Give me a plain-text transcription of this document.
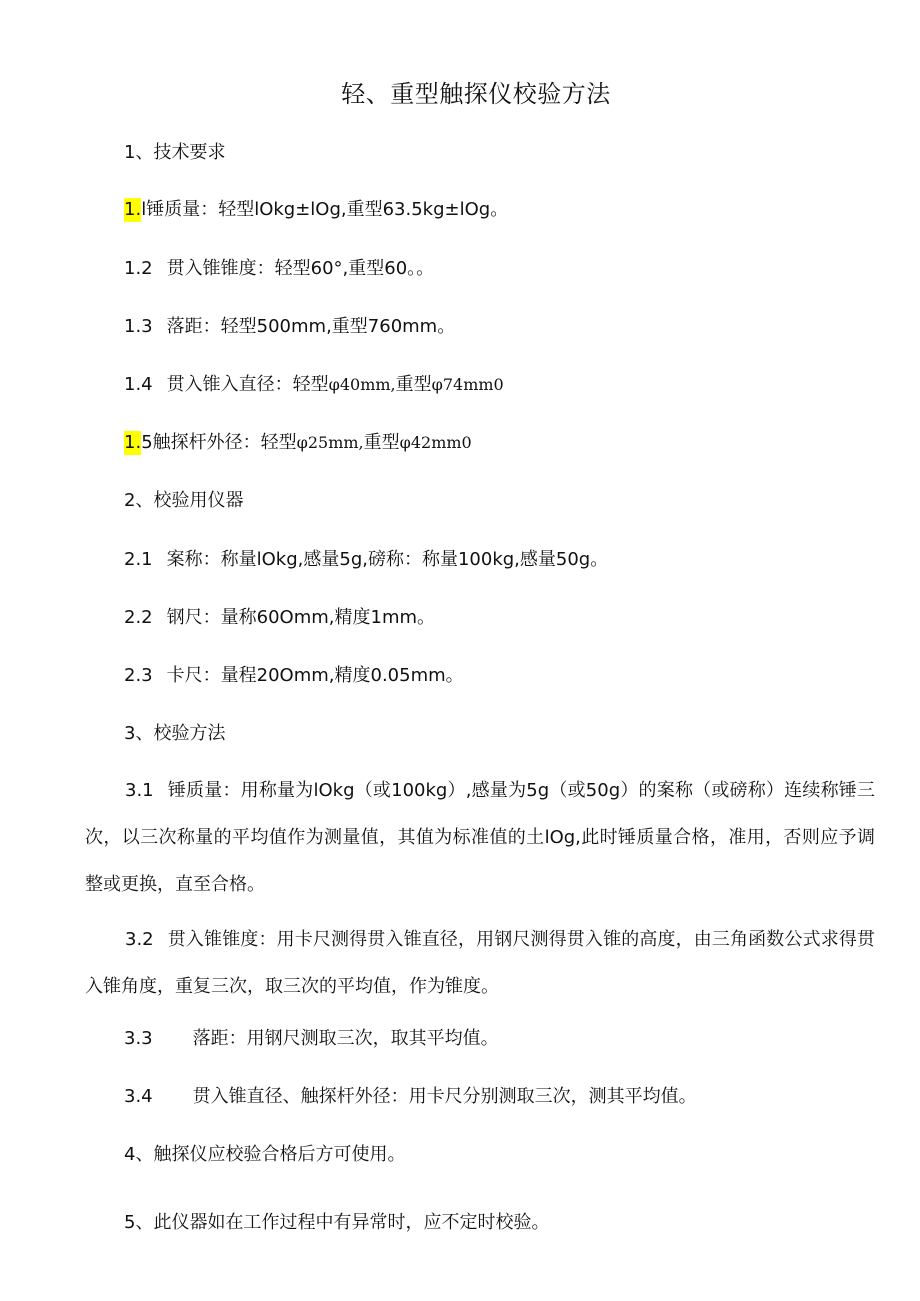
轻、重型触探仪校验方法
1、技术要求
1.l锤质量：轻型lOkg±lOg,重型63.5kg±lOg。
1.2 贯入锥锥度：轻型60°,重型60。。
1.3 落距：轻型500mm,重型760mm。
1.4 贯入锥入直径：轻型φ40mm,重型φ74mm0
1.5触探杆外径：轻型φ25mm,重型φ42mm0
2、校验用仪器
2.1 案称：称量lOkg,感量5g,磅称：称量100kg,感量50g。
2.2 钢尺：量称60Omm,精度1mm。
2.3 卡尺：量程20Omm,精度0.05mm。
3、校验方法
3.1 锤质量：用称量为lOkg（或100kg）,感量为5g（或50g）的案称（或磅称）连续称锤三次，以三次称量的平均值作为测量值，其值为标准值的土lOg,此时锤质量合格，准用，否则应予调整或更换，直至合格。
3.2 贯入锥锥度：用卡尺测得贯入锥直径，用钢尺测得贯入锥的高度，由三角函数公式求得贯入锥角度，重复三次，取三次的平均值，作为锥度。
3.3 落距：用钢尺测取三次，取其平均值。
3.4 贯入锥直径、触探杆外径：用卡尺分别测取三次，测其平均值。
4、触探仪应校验合格后方可使用。
5、此仪器如在工作过程中有异常时，应不定时校验。
